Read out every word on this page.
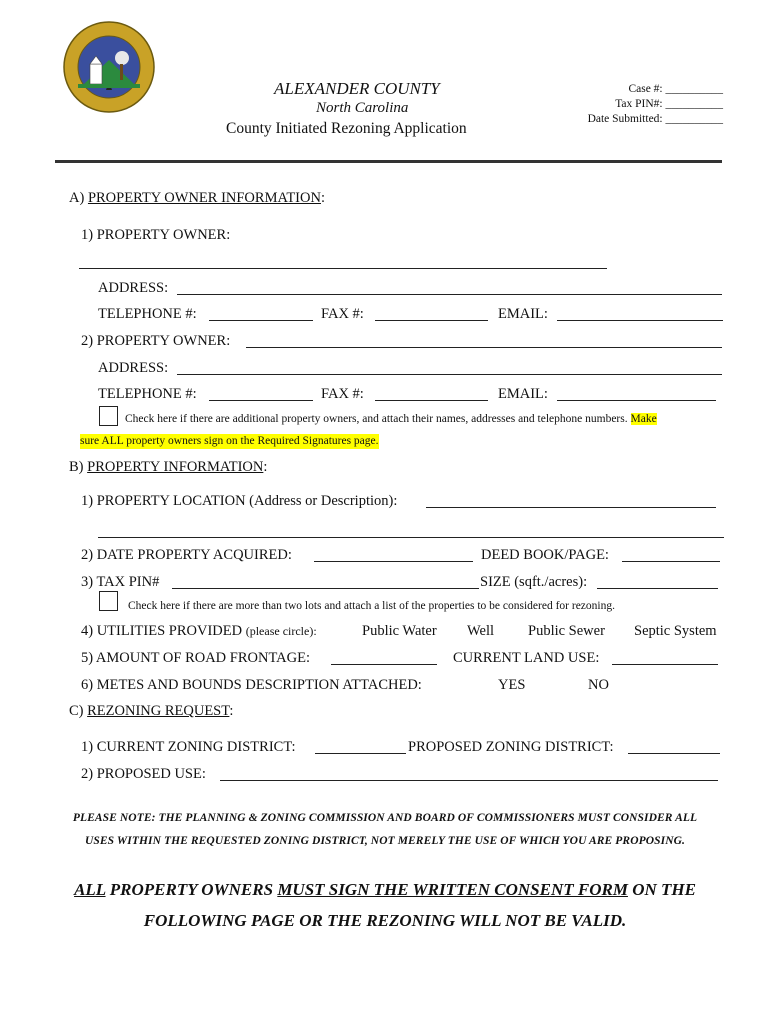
ALEXANDER COUNTY
North Carolina
County Initiated Rezoning Application
Case #: __________
Tax PIN#: __________
Date Submitted: __________
A) PROPERTY OWNER INFORMATION:
1) PROPERTY OWNER:
ADDRESS:
TELEPHONE #:	FAX #:	EMAIL:
2) PROPERTY OWNER:
ADDRESS:
TELEPHONE #:	FAX #:	EMAIL:
Check here if there are additional property owners, and attach their names, addresses and telephone numbers. Make
sure ALL property owners sign on the Required Signatures page.
B) PROPERTY INFORMATION:
1) PROPERTY LOCATION (Address or Description):
2) DATE PROPERTY ACQUIRED:	DEED BOOK/PAGE:
3) TAX PIN#	SIZE (sqft./acres):
Check here if there are more than two lots and attach a list of the properties to be considered for rezoning.
4) UTILITIES PROVIDED (please circle):	Public Water Well Public Sewer Septic System
5) AMOUNT OF ROAD FRONTAGE:	CURRENT LAND USE:
6) METES AND BOUNDS DESCRIPTION ATTACHED:	YES	NO
C) REZONING REQUEST:
1) CURRENT ZONING DISTRICT:	PROPOSED ZONING DISTRICT:
2) PROPOSED USE:
PLEASE NOTE: THE PLANNING & ZONING COMMISSION AND BOARD OF COMMISSIONERS MUST CONSIDER ALL
USES WITHIN THE REQUESTED ZONING DISTRICT, NOT MERELY THE USE OF WHICH YOU ARE PROPOSING.
ALL PROPERTY OWNERS MUST SIGN THE WRITTEN CONSENT FORM ON THE
FOLLOWING PAGE OR THE REZONING WILL NOT BE VALID.
